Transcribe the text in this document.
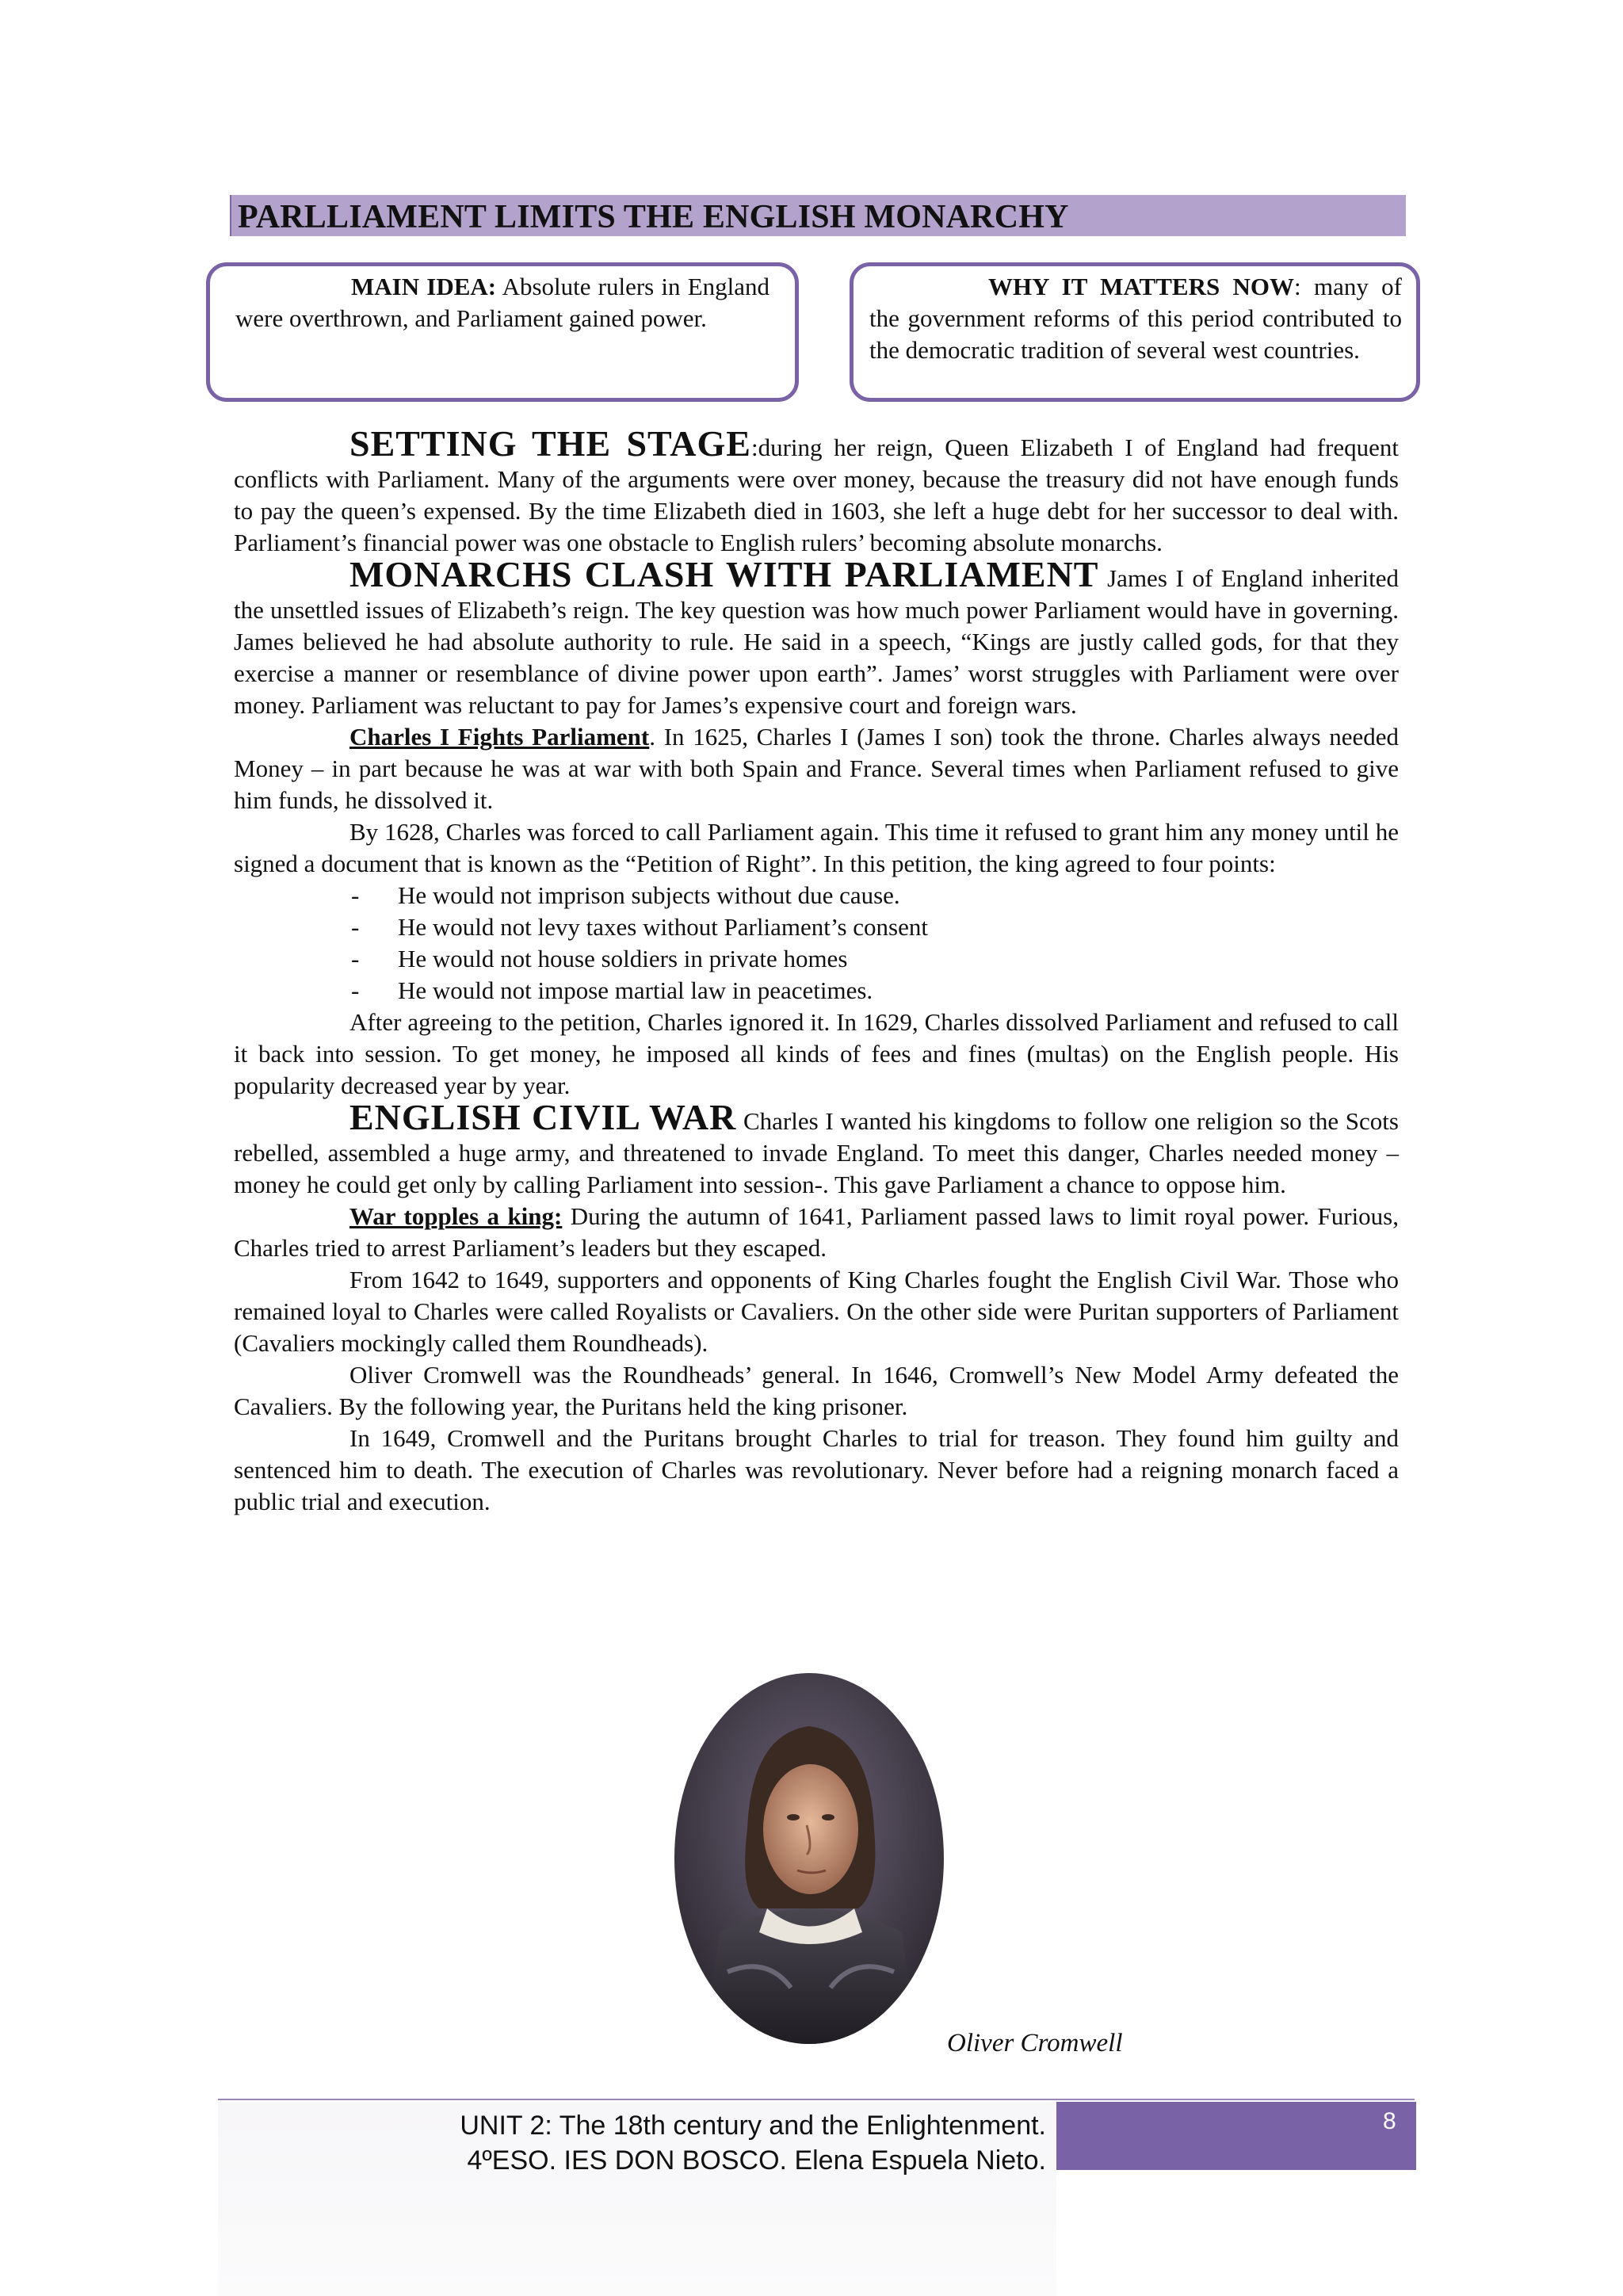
PARLLIAMENT LIMITS THE ENGLISH MONARCHY

MAIN IDEA: Absolute rulers in England were overthrown, and Parliament gained power.

WHY IT MATTERS NOW: many of the government reforms of this period contributed to the democratic tradition of several west countries.

SETTING THE STAGE:during her reign, Queen Elizabeth I of England had frequent conflicts with Parliament. Many of the arguments were over money, because the treasury did not have enough funds to pay the queen’s expensed. By the time Elizabeth died in 1603, she left a huge debt for her successor to deal with. Parliament’s financial power was one obstacle to English rulers’ becoming absolute monarchs.

MONARCHS CLASH WITH PARLIAMENT James I of England inherited the unsettled issues of Elizabeth’s reign. The key question was how much power Parliament would have in governing. James believed he had absolute authority to rule. He said in a speech, “Kings are justly called gods, for that they exercise a manner or resemblance of divine power upon earth”. James’ worst struggles with Parliament were over money. Parliament was reluctant to pay for James’s expensive court and foreign wars.

Charles I Fights Parliament. In 1625, Charles I (James I son) took the throne. Charles always needed Money – in part because he was at war with both Spain and France. Several times when Parliament refused to give him funds, he dissolved it.

By 1628, Charles was forced to call Parliament again. This time it refused to grant him any money until he signed a document that is known as the “Petition of Right”. In this petition, the king agreed to four points:

- He would not imprison subjects without due cause.
- He would not levy taxes without Parliament’s consent
- He would not house soldiers in private homes
- He would not impose martial law in peacetimes.

After agreeing to the petition, Charles ignored it. In 1629, Charles dissolved Parliament and refused to call it back into session. To get money, he imposed all kinds of fees and fines (multas) on the English people. His popularity decreased year by year.

ENGLISH CIVIL WAR Charles I wanted his kingdoms to follow one religion so the Scots rebelled, assembled a huge army, and threatened to invade England. To meet this danger, Charles needed money –money he could get only by calling Parliament into session-. This gave Parliament a chance to oppose him.

War topples a king: During the autumn of 1641, Parliament passed laws to limit royal power. Furious, Charles tried to arrest Parliament’s leaders but they escaped.

From 1642 to 1649, supporters and opponents of King Charles fought the English Civil War. Those who remained loyal to Charles were called Royalists or Cavaliers. On the other side were Puritan supporters of Parliament (Cavaliers mockingly called them Roundheads).

Oliver Cromwell was the Roundheads’ general. In 1646, Cromwell’s New Model Army defeated the Cavaliers. By the following year, the Puritans held the king prisoner.

In 1649, Cromwell and the Puritans brought Charles to trial for treason. They found him guilty and sentenced him to death. The execution of Charles was revolutionary. Never before had a reigning monarch faced a public trial and execution.

Oliver Cromwell
8
UNIT 2: The 18th century and the Enlightenment.
4ºESO. IES DON BOSCO. Elena Espuela Nieto.
